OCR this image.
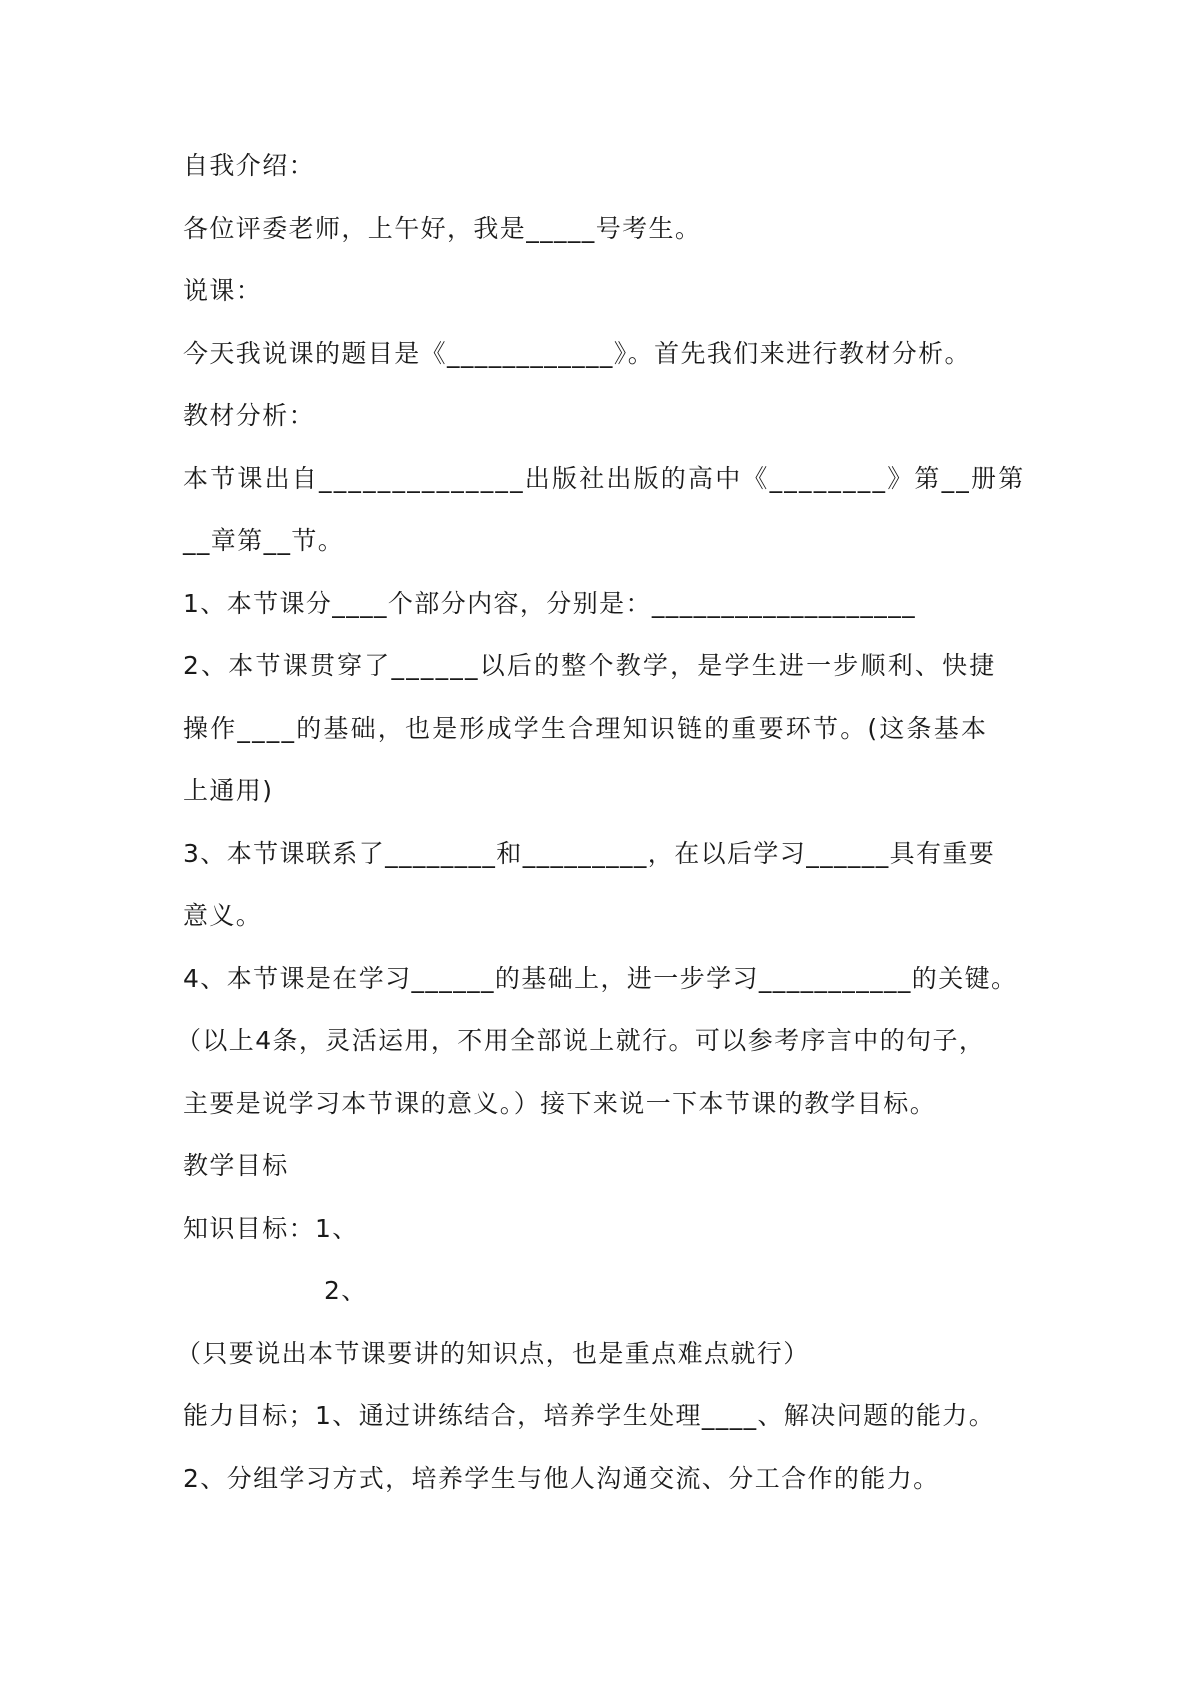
自我介绍：

各位评委老师，上午好，我是_____号考生。

说课：

今天我说课的题目是《____________》。首先我们来进行教材分析。

教材分析：

本节课出自______________出版社出版的高中《________》第__册第

__章第__节。

1、本节课分____个部分内容，分别是：___________________

2、本节课贯穿了______以后的整个教学，是学生进一步顺利、快捷

操作____的基础，也是形成学生合理知识链的重要环节。(这条基本

上通用)

3、本节课联系了________和_________，在以后学习______具有重要

意义。

4、本节课是在学习______的基础上，进一步学习___________的关键。

（以上4条，灵活运用，不用全部说上就行。可以参考序言中的句子，

主要是说学习本节课的意义。）接下来说一下本节课的教学目标。

教学目标

知识目标：1、

2、

（只要说出本节课要讲的知识点，也是重点难点就行）

能力目标；1、通过讲练结合，培养学生处理____、解决问题的能力。

2、分组学习方式，培养学生与他人沟通交流、分工合作的能力。
